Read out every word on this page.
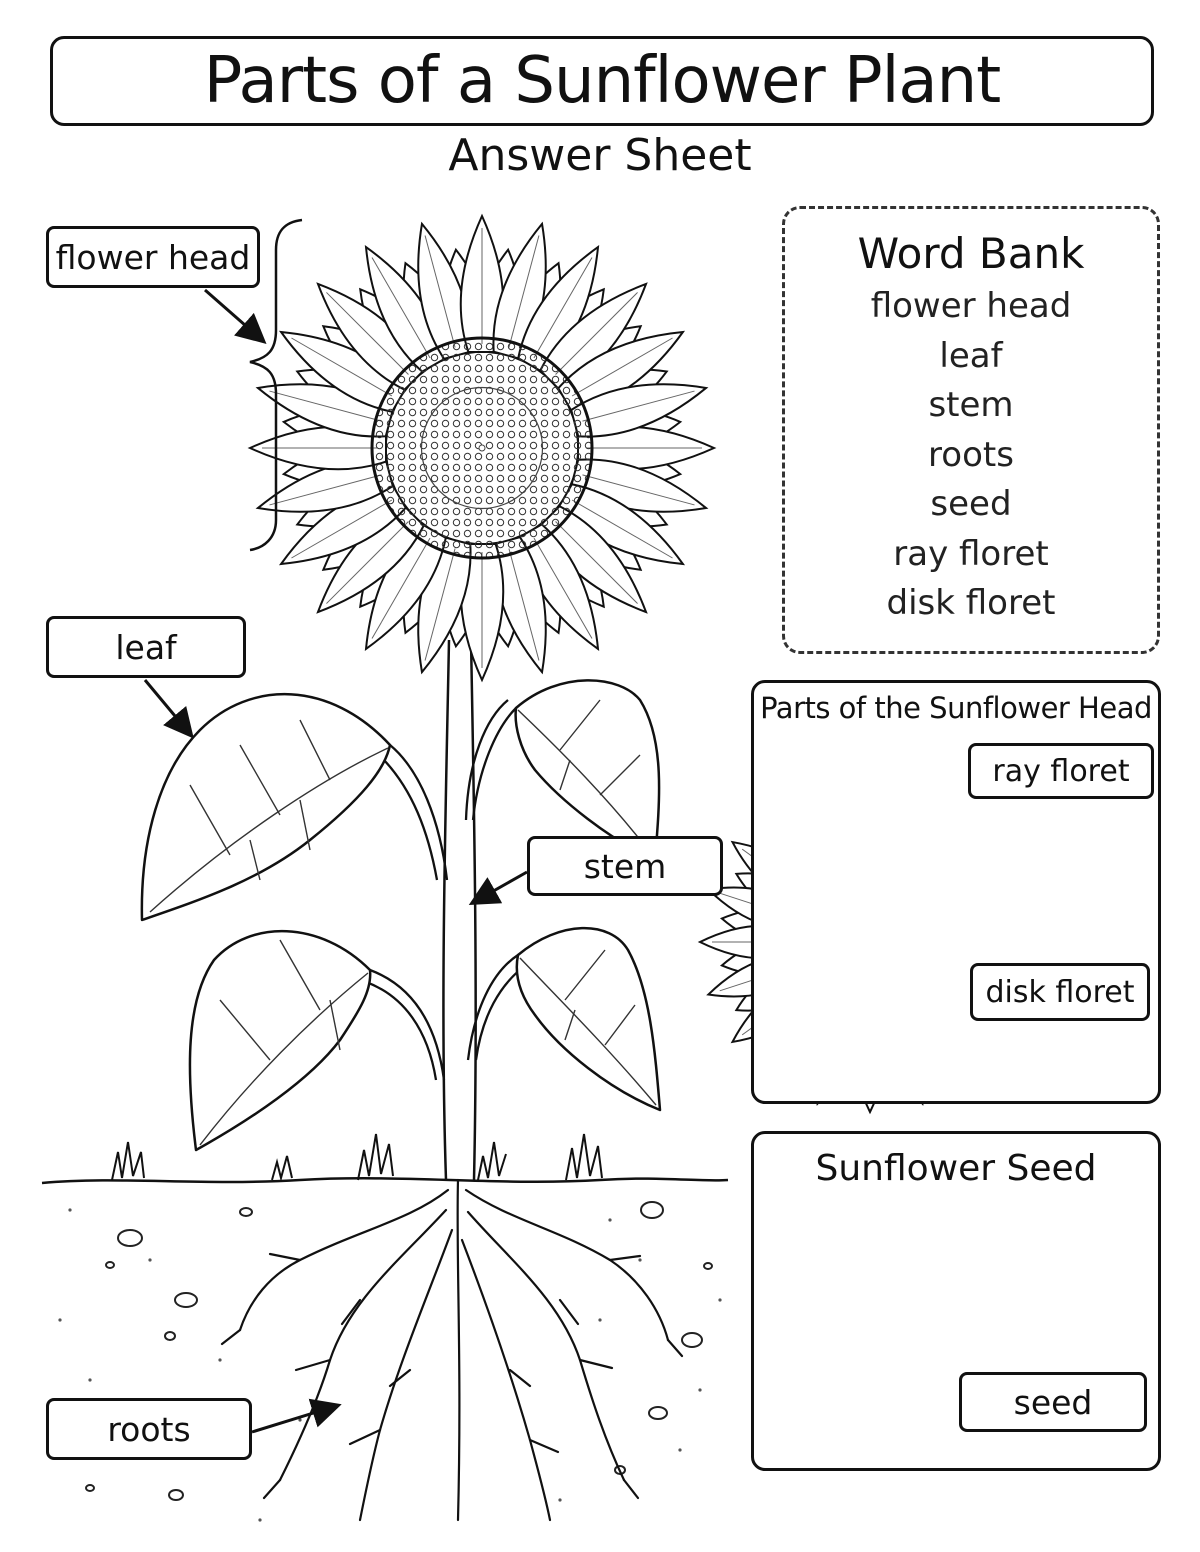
Parts of a Sunflower Plant
Answer Sheet
flower head
leaf
stem
roots
Word Bank
flower head
leaf
stem
roots
seed
ray floret
disk floret
Parts of the Sunflower Head
ray floret
disk floret
Sunflower Seed
seed
